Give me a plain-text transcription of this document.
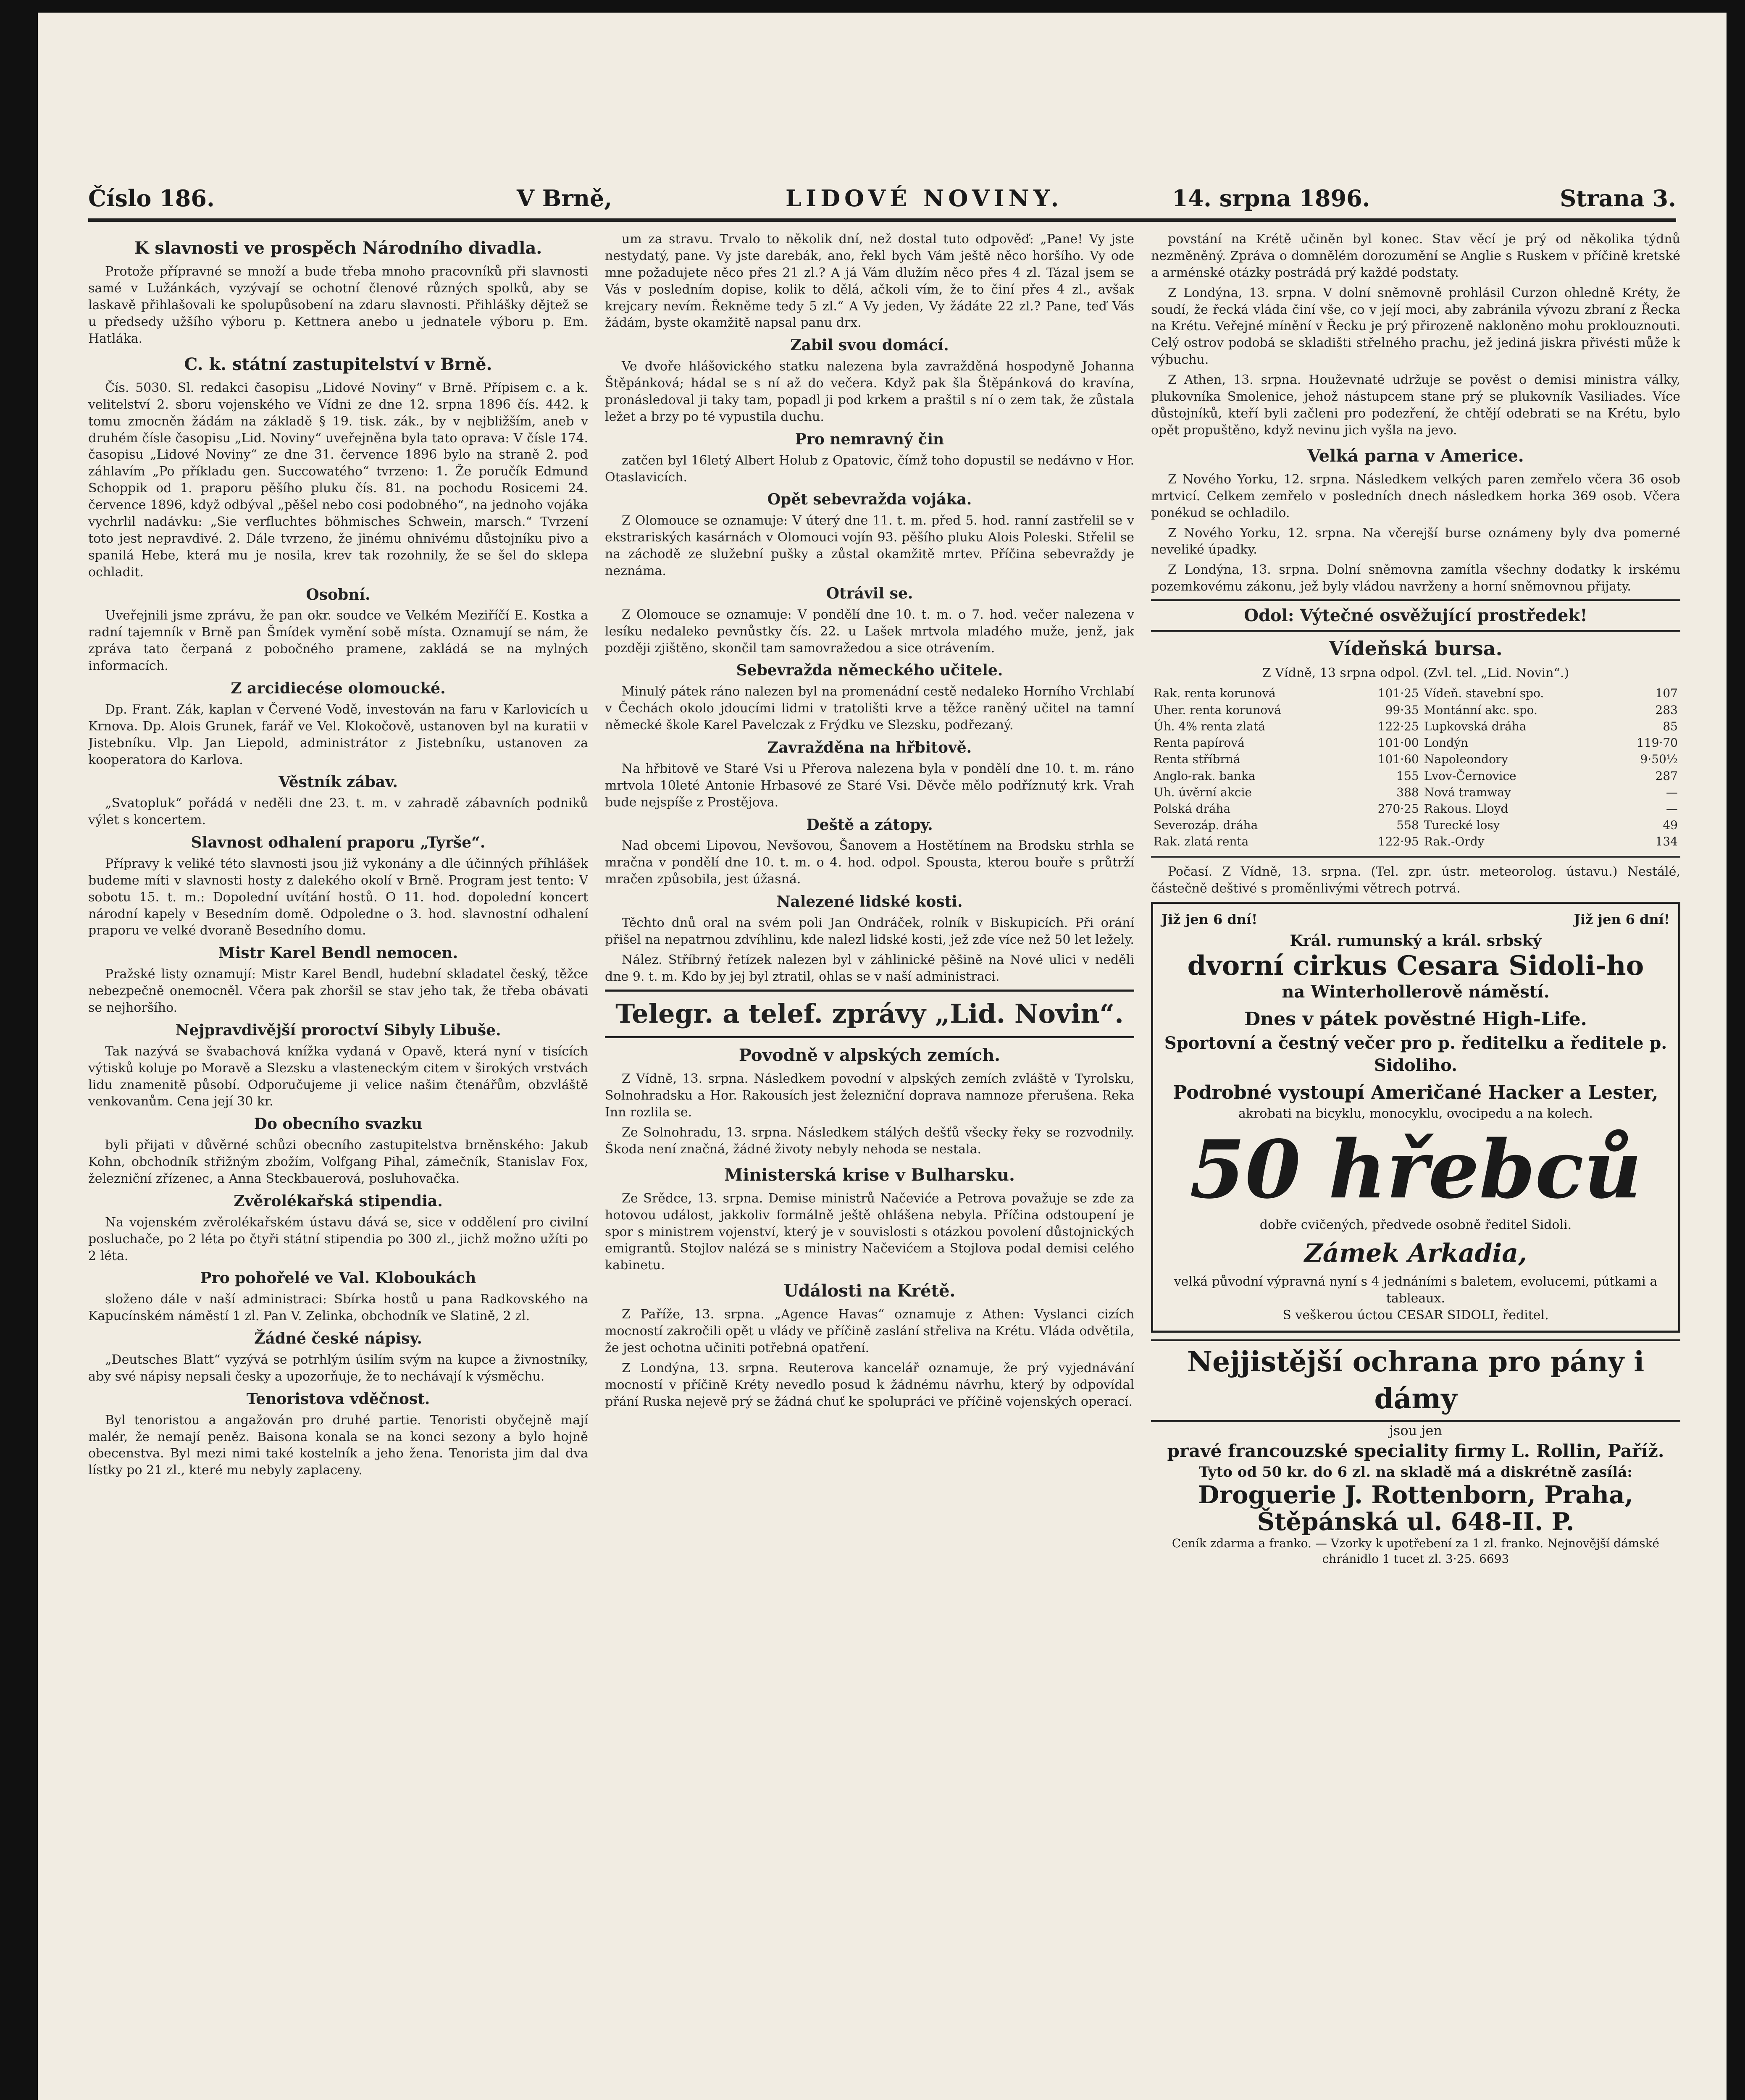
Číslo 186.	V Brně,	LIDOVÉ NOVINY.	14. srpna 1896.	Strana 3.
K slavnosti ve prospěch Národního divadla.

Protože přípravné se množí a bude třeba mnoho pracovníků při slavnosti samé v Lužánkách, vyzývají se ochotní členové různých spolků, aby se laskavě přihlašovali ke spolupůsobení na zdaru slavnosti. Přihlášky dějtež se u předsedy užšího výboru p. Kettnera anebo u jednatele výboru p. Em. Hatláka.

C. k. státní zastupitelství v Brně.

Čís. 5030. Sl. redakci časopisu „Lidové Noviny“ v Brně. Přípisem c. a k. velitelství 2. sboru vojenského ve Vídni ze dne 12. srpna 1896 čís. 442. k tomu zmocněn žádám na základě § 19. tisk. zák., by v nejbližším, aneb v druhém čísle časopisu „Lid. Noviny“ uveřejněna byla tato oprava: V čísle 174. časopisu „Lidové Noviny“ ze dne 31. července 1896 bylo na straně 2. pod záhlavím „Po příkladu gen. Succowatého“ tvrzeno: 1. Že poručík Edmund Schoppik od 1. praporu pěšího pluku čís. 81. na pochodu Rosicemi 24. července 1896, když odbýval „pěšel nebo cosi podobného“, na jednoho vojáka vychrlil nadávku: „Sie verfluchtes böhmisches Schwein, marsch.“ Tvrzení toto jest nepravdivé. 2. Dále tvrzeno, že jinému ohnivému důstojníku pivo a spanilá Hebe, která mu je nosila, krev tak rozohnily, že se šel do sklepa ochladit.

Osobní.

Uveřejnili jsme zprávu, že pan okr. soudce ve Velkém Meziříčí E. Kostka a radní tajemník v Brně pan Šmídek vymění sobě místa. Oznamují se nám, že zpráva tato čerpaná z pobočného pramene, zakládá se na mylných informacích.

Z arcidiecése olomoucké.

Dp. Frant. Zák, kaplan v Červené Vodě, investován na faru v Karlovicích u Krnova. Dp. Alois Grunek, farář ve Vel. Klokočově, ustanoven byl na kuratii v Jistebníku. Vlp. Jan Liepold, administrátor z Jistebníku, ustanoven za kooperatora do Karlova.

Věstník zábav.

„Svatopluk“ pořádá v neděli dne 23. t. m. v zahradě zábavních podniků výlet s koncertem.

Slavnost odhalení praporu „Tyrše“.

Přípravy k veliké této slavnosti jsou již vykonány a dle účinných příhlášek budeme míti v slavnosti hosty z dalekého okolí v Brně. Program jest tento: V sobotu 15. t. m.: Dopolední uvítání hostů. O 11. hod. dopolední koncert národní kapely v Besedním domě. Odpoledne o 3. hod. slavnostní odhalení praporu ve velké dvoraně Besedního domu.

Mistr Karel Bendl nemocen.

Pražské listy oznamují: Mistr Karel Bendl, hudební skladatel český, těžce nebezpečně onemocněl. Včera pak zhoršil se stav jeho tak, že třeba obávati se nejhoršího.

Nejpravdivější proroctví Sibyly Libuše.

Tak nazývá se švabachová knížka vydaná v Opavě, která nyní v tisících výtisků koluje po Moravě a Slezsku a vlasteneckým citem v širokých vrstvách lidu znamenitě působí. Odporučujeme ji velice našim čtenářům, obzvláště venkovanům. Cena její 30 kr.

Do obecního svazku

byli přijati v důvěrné schůzi obecního zastupitelstva brněnského: Jakub Kohn, obchodník střižným zbožím, Volfgang Pihal, zámečník, Stanislav Fox, železniční zřízenec, a Anna Steckbauerová, posluhovačka.

Zvěrolékařská stipendia.

Na vojenském zvěrolékařském ústavu dává se, sice v oddělení pro civilní posluchače, po 2 léta po čtyři státní stipendia po 300 zl., jichž možno užíti po 2 léta.

Pro pohořelé ve Val. Kloboukách

složeno dále v naší administraci: Sbírka hostů u pana Radkovského na Kapucínském náměstí 1 zl. Pan V. Zelinka, obchodník ve Slatině, 2 zl.

Žádné české nápisy.

„Deutsches Blatt“ vyzývá se potrhlým úsilím svým na kupce a živnostníky, aby své nápisy nepsali česky a upozorňuje, že to nechávají k výsměchu.

Tenoristova vděčnost.

Byl tenoristou a angažován pro druhé partie. Tenoristi obyčejně mají malér, že nemají peněz. Baisona konala se na konci sezony a bylo hojně obecenstva. Byl mezi nimi také kostelník a jeho žena. Tenorista jim dal dva lístky po 21 zl., které mu nebyly zaplaceny.

um za stravu. Trvalo to několik dní, než dostal tuto odpověď: „Pane! Vy jste nestydatý, pane. Vy jste darebák, ano, řekl bych Vám ještě něco horšího. Vy ode mne požadujete něco přes 21 zl.? A já Vám dlužím něco přes 4 zl. Tázal jsem se Vás v posledním dopise, kolik to dělá, ačkoli vím, že to činí přes 4 zl., avšak krejcary nevím. Řekněme tedy 5 zl.“ A Vy jeden, Vy žádáte 22 zl.? Pane, teď Vás žádám, byste okamžitě napsal panu drx.

Zabil svou domácí.

Ve dvoře hlášovického statku nalezena byla zavražděná hospodyně Johanna Štěpánková; hádal se s ní až do večera. Když pak šla Štěpánková do kravína, pronásledoval ji taky tam, popadl ji pod krkem a praštil s ní o zem tak, že zůstala ležet a brzy po té vypustila duchu.

Pro nemravný čin

zatčen byl 16letý Albert Holub z Opatovic, čímž toho dopustil se nedávno v Hor. Otaslavicích.

Opět sebevražda vojáka.

Z Olomouce se oznamuje: V úterý dne 11. t. m. před 5. hod. ranní zastřelil se v ekstrariských kasárnách v Olomouci vojín 93. pěšího pluku Alois Poleski. Střelil se na záchodě ze služební pušky a zůstal okamžitě mrtev. Příčina sebevraždy je neznáma.

Otrávil se.

Z Olomouce se oznamuje: V pondělí dne 10. t. m. o 7. hod. večer nalezena v lesíku nedaleko pevnůstky čís. 22. u Lašek mrtvola mladého muže, jenž, jak později zjištěno, skončil tam samovražedou a sice otrávením.

Sebevražda německého učitele.

Minulý pátek ráno nalezen byl na promenádní cestě nedaleko Horního Vrchlabí v Čechách okolo jdoucími lidmi v tratolišti krve a těžce raněný učitel na tamní německé škole Karel Pavelczak z Frýdku ve Slezsku, podřezaný.

Zavražděna na hřbitově.

Na hřbitově ve Staré Vsi u Přerova nalezena byla v pondělí dne 10. t. m. ráno mrtvola 10leté Antonie Hrbasové ze Staré Vsi. Děvče mělo podříznutý krk. Vrah bude nejspíše z Prostějova.

Deště a zátopy.

Nad obcemi Lipovou, Nevšovou, Šanovem a Hostětínem na Brodsku strhla se mračna v pondělí dne 10. t. m. o 4. hod. odpol. Spousta, kterou bouře s průtrží mračen způsobila, jest úžasná.

Nalezené lidské kosti.

Těchto dnů oral na svém poli Jan Ondráček, rolník v Biskupicích. Při orání přišel na nepatrnou zdvíhlinu, kde nalezl lidské kosti, jež zde více než 50 let ležely.

Nález. Stříbrný řetízek nalezen byl v záhlinické pěšině na Nové ulici v neděli dne 9. t. m. Kdo by jej byl ztratil, ohlas se v naší administraci.

Telegr. a telef. zprávy „Lid. Novin“.
Povodně v alpských zemích.

Z Vídně, 13. srpna. Následkem povodní v alpských zemích zvláště v Tyrolsku, Solnohradsku a Hor. Rakousích jest železniční doprava namnoze přerušena. Reka Inn rozlila se.

Ze Solnohradu, 13. srpna. Následkem stálých dešťů všecky řeky se rozvodnily. Škoda není značná, žádné životy nebyly nehoda se nestala.

Ministerská krise v Bulharsku.

Ze Srědce, 13. srpna. Demise ministrů Načeviće a Petrova považuje se zde za hotovou událost, jakkoliv formálně ještě ohlášena nebyla. Příčina odstoupení je spor s ministrem vojenství, který je v souvislosti s otázkou povolení důstojnických emigrantů. Stojlov nalézá se s ministry Načevićem a Stojlova podal demisi celého kabinetu.

Události na Krétě.

Z Paříže, 13. srpna. „Agence Havas“ oznamuje z Athen: Vyslanci cizích mocností zakročili opět u vlády ve příčině zaslání střeliva na Krétu. Vláda odvětila, že jest ochotna učiniti potřebná opatření.

Z Londýna, 13. srpna. Reuterova kancelář oznamuje, že prý vyjednávání mocností v příčině Kréty nevedlo posud k žádnému návrhu, který by odpovídal přání Ruska nejevě prý se žádná chuť ke spolupráci ve příčině vojenských operací.

povstání na Krétě učiněn byl konec. Stav věcí je prý od několika týdnů nezměněný. Zpráva o domnělém dorozumění se Anglie s Ruskem v příčině kretské a arménské otázky postrádá prý každé podstaty.

Z Londýna, 13. srpna. V dolní sněmovně prohlásil Curzon ohledně Kréty, že soudí, že řecká vláda činí vše, co v její moci, aby zabránila vývozu zbraní z Řecka na Krétu. Veřejné mínění v Řecku je prý přirozeně nakloněno mohu proklouznouti. Celý ostrov podobá se skladišti střelného prachu, jež jediná jiskra přivésti může k výbuchu.

Z Athen, 13. srpna. Houževnaté udržuje se pověst o demisi ministra války, plukovníka Smolenice, jehož nástupcem stane prý se plukovník Vasiliades. Více důstojníků, kteří byli začleni pro podezření, že chtějí odebrati se na Krétu, bylo opět propuštěno, když nevinu jich vyšla na jevo.

Velká parna v Americe.

Z Nového Yorku, 12. srpna. Následkem velkých paren zemřelo včera 36 osob mrtvicí. Celkem zemřelo v posledních dnech následkem horka 369 osob. Včera ponékud se ochladilo.

Z Nového Yorku, 12. srpna. Na včerejší burse oznámeny byly dva pomerné neveliké úpadky.

Z Londýna, 13. srpna. Dolní sněmovna zamítla všechny dodatky k irskému pozemkovému zákonu, jež byly vládou navrženy a horní sněmovnou přijaty.

Odol: Výtečné osvěžující prostředek!
Vídeňská bursa.
Z Vídně, 13 srpna odpol. (Zvl. tel. „Lid. Novin“.)
Rak. renta korunová	101·25	Vídeň. stavební spo.	107
Uher. renta korunová	99·35	Montánní akc. spo.	283
Úh. 4% renta zlatá	122·25	Lupkovská dráha	85
Renta papírová	101·00	Londýn	119·70
Renta stříbrná	101·60	Napoleondory	9·50½
Anglo-rak. banka	155	Lvov-Černovice	287
Uh. úvěrní akcie	388	Nová tramway	—
Polská dráha	270·25	Rakous. Lloyd	—
Severozáp. dráha	558	Turecké losy	49
Rak. zlatá renta	122·95	Rak.-Ordy	134

Počasí. Z Vídně, 13. srpna. (Tel. zpr. ústr. meteorolog. ústavu.) Nestálé, částečně deštivé s proměnlivými větrech potrvá.

Již jen 6 dní!	Již jen 6 dní!
Král. rumunský a král. srbský
dvorní cirkus Cesara Sidoli-ho
na Winterhollerově náměstí.
Dnes v pátek pověstné High-Life.
Sportovní a čestný večer pro p. ředitelku a ředitele p. Sidoliho.
Podrobné vystoupí Američané Hacker a Lester,
akrobati na bicyklu, monocyklu, ovocipedu a na kolech.
50 hřebců
dobře cvičených, předvede osobně ředitel Sidoli.
Zámek Arkadia,
velká původní výpravná nyní s 4 jednáními s baletem, evolucemi, pútkami a tableaux.
S veškerou úctou CESAR SIDOLI, ředitel.
Nejjistější ochrana pro pány i dámy
jsou jen
pravé francouzské speciality firmy L. Rollin, Paříž.
Tyto od 50 kr. do 6 zl. na skladě má a diskrétně zasílá:
Droguerie J. Rottenborn, Praha, Štěpánská ul. 648-II. P.
Ceník zdarma a franko. — Vzorky k upotřebení za 1 zl. franko. Nejnovější dámské chránidlo 1 tucet zl. 3·25. 6693
